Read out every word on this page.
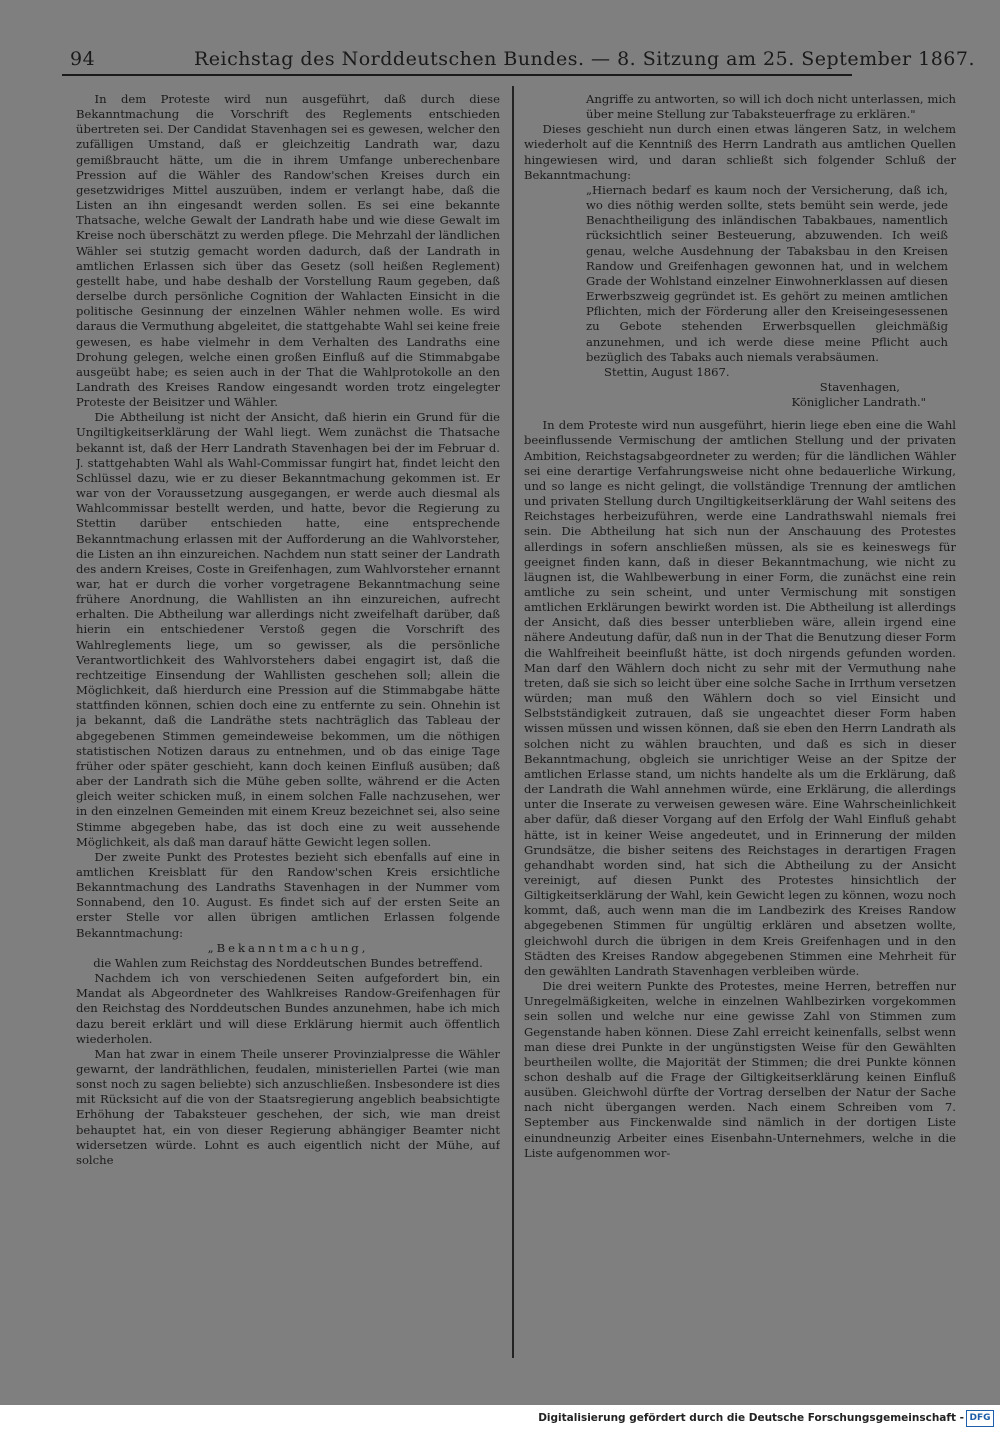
94	Reichstag des Norddeutschen Bundes. — 8. Sitzung am 25. September 1867.

In dem Proteste wird nun ausgeführt, daß durch diese Bekanntmachung die Vorschrift des Reglements entschieden übertreten sei. Der Candidat Stavenhagen sei es gewesen, welcher den zufälligen Umstand, daß er gleichzeitig Landrath war, dazu gemißbraucht hätte, um die in ihrem Umfange unberechenbare Pression auf die Wähler des Randow'schen Kreises durch ein gesetzwidriges Mittel auszuüben, indem er verlangt habe, daß die Listen an ihn eingesandt werden sollen. Es sei eine bekannte Thatsache, welche Gewalt der Landrath habe und wie diese Gewalt im Kreise noch überschätzt zu werden pflege. Die Mehrzahl der ländlichen Wähler sei stutzig gemacht worden dadurch, daß der Landrath in amtlichen Erlassen sich über das Gesetz (soll heißen Reglement) gestellt habe, und habe deshalb der Vorstellung Raum gegeben, daß derselbe durch persönliche Cognition der Wahlacten Einsicht in die politische Gesinnung der einzelnen Wähler nehmen wolle. Es wird daraus die Vermuthung abgeleitet, die stattgehabte Wahl sei keine freie gewesen, es habe vielmehr in dem Verhalten des Landraths eine Drohung gelegen, welche einen großen Einfluß auf die Stimmabgabe ausgeübt habe; es seien auch in der That die Wahlprotokolle an den Landrath des Kreises Randow eingesandt worden trotz eingelegter Proteste der Beisitzer und Wähler.

Die Abtheilung ist nicht der Ansicht, daß hierin ein Grund für die Ungiltigkeitserklärung der Wahl liegt. Wem zunächst die Thatsache bekannt ist, daß der Herr Landrath Stavenhagen bei der im Februar d. J. stattgehabten Wahl als Wahl-Commissar fungirt hat, findet leicht den Schlüssel dazu, wie er zu dieser Bekanntmachung gekommen ist. Er war von der Voraussetzung ausgegangen, er werde auch diesmal als Wahlcommissar bestellt werden, und hatte, bevor die Regierung zu Stettin darüber entschieden hatte, eine entsprechende Bekanntmachung erlassen mit der Aufforderung an die Wahlvorsteher, die Listen an ihn einzureichen. Nachdem nun statt seiner der Landrath des andern Kreises, Coste in Greifenhagen, zum Wahlvorsteher ernannt war, hat er durch die vorher vorgetragene Bekanntmachung seine frühere Anordnung, die Wahllisten an ihn einzureichen, aufrecht erhalten. Die Abtheilung war allerdings nicht zweifelhaft darüber, daß hierin ein entschiedener Verstoß gegen die Vorschrift des Wahlreglements liege, um so gewisser, als die persönliche Verantwortlichkeit des Wahlvorstehers dabei engagirt ist, daß die rechtzeitige Einsendung der Wahllisten geschehen soll; allein die Möglichkeit, daß hierdurch eine Pression auf die Stimmabgabe hätte stattfinden können, schien doch eine zu entfernte zu sein. Ohnehin ist ja bekannt, daß die Landräthe stets nachträglich das Tableau der abgegebenen Stimmen gemeindeweise bekommen, um die nöthigen statistischen Notizen daraus zu entnehmen, und ob das einige Tage früher oder später geschieht, kann doch keinen Einfluß ausüben; daß aber der Landrath sich die Mühe geben sollte, während er die Acten gleich weiter schicken muß, in einem solchen Falle nachzusehen, wer in den einzelnen Gemeinden mit einem Kreuz bezeichnet sei, also seine Stimme abgegeben habe, das ist doch eine zu weit aussehende Möglichkeit, als daß man darauf hätte Gewicht legen sollen.

Der zweite Punkt des Protestes bezieht sich ebenfalls auf eine in amtlichen Kreisblatt für den Randow'schen Kreis ersichtliche Bekanntmachung des Landraths Stavenhagen in der Nummer vom Sonnabend, den 10. August. Es findet sich auf der ersten Seite an erster Stelle vor allen übrigen amtlichen Erlassen folgende Bekanntmachung:

„Bekanntmachung,

die Wahlen zum Reichstag des Norddeutschen Bundes betreffend.

Nachdem ich von verschiedenen Seiten aufgefordert bin, ein Mandat als Abgeordneter des Wahlkreises Randow-Greifenhagen für den Reichstag des Norddeutschen Bundes anzunehmen, habe ich mich dazu bereit erklärt und will diese Erklärung hiermit auch öffentlich wiederholen.

Man hat zwar in einem Theile unserer Provinzialpresse die Wähler gewarnt, der landräthlichen, feudalen, ministeriellen Partei (wie man sonst noch zu sagen beliebte) sich anzuschließen. Insbesondere ist dies mit Rücksicht auf die von der Staatsregierung angeblich beabsichtigte Erhöhung der Tabaksteuer geschehen, der sich, wie man dreist behauptet hat, ein von dieser Regierung abhängiger Beamter nicht widersetzen würde. Lohnt es auch eigentlich nicht der Mühe, auf solche

Angriffe zu antworten, so will ich doch nicht unterlassen, mich über meine Stellung zur Tabaksteuerfrage zu erklären."

Dieses geschieht nun durch einen etwas längeren Satz, in welchem wiederholt auf die Kenntniß des Herrn Landrath aus amtlichen Quellen hingewiesen wird, und daran schließt sich folgender Schluß der Bekanntmachung:

„Hiernach bedarf es kaum noch der Versicherung, daß ich, wo dies nöthig werden sollte, stets bemüht sein werde, jede Benachtheiligung des inländischen Tabakbaues, namentlich rücksichtlich seiner Besteuerung, abzuwenden. Ich weiß genau, welche Ausdehnung der Tabaksbau in den Kreisen Randow und Greifenhagen gewonnen hat, und in welchem Grade der Wohlstand einzelner Einwohnerklassen auf diesen Erwerbszweig gegründet ist. Es gehört zu meinen amtlichen Pflichten, mich der Förderung aller den Kreiseingesessenen zu Gebote stehenden Erwerbsquellen gleichmäßig anzunehmen, und ich werde diese meine Pflicht auch bezüglich des Tabaks auch niemals verabsäumen.

Stettin, August 1867.

Stavenhagen,

Königlicher Landrath."

In dem Proteste wird nun ausgeführt, hierin liege eben eine die Wahl beeinflussende Vermischung der amtlichen Stellung und der privaten Ambition, Reichstagsabgeordneter zu werden; für die ländlichen Wähler sei eine derartige Verfahrungsweise nicht ohne bedauerliche Wirkung, und so lange es nicht gelingt, die vollständige Trennung der amtlichen und privaten Stellung durch Ungiltigkeitserklärung der Wahl seitens des Reichstages herbeizuführen, werde eine Landrathswahl niemals frei sein. Die Abtheilung hat sich nun der Anschauung des Protestes allerdings in sofern anschließen müssen, als sie es keineswegs für geeignet finden kann, daß in dieser Bekanntmachung, wie nicht zu läugnen ist, die Wahlbewerbung in einer Form, die zunächst eine rein amtliche zu sein scheint, und unter Vermischung mit sonstigen amtlichen Erklärungen bewirkt worden ist. Die Abtheilung ist allerdings der Ansicht, daß dies besser unterblieben wäre, allein irgend eine nähere Andeutung dafür, daß nun in der That die Benutzung dieser Form die Wahlfreiheit beeinflußt hätte, ist doch nirgends gefunden worden. Man darf den Wählern doch nicht zu sehr mit der Vermuthung nahe treten, daß sie sich so leicht über eine solche Sache in Irrthum versetzen würden; man muß den Wählern doch so viel Einsicht und Selbstständigkeit zutrauen, daß sie ungeachtet dieser Form haben wissen müssen und wissen können, daß sie eben den Herrn Landrath als solchen nicht zu wählen brauchten, und daß es sich in dieser Bekanntmachung, obgleich sie unrichtiger Weise an der Spitze der amtlichen Erlasse stand, um nichts handelte als um die Erklärung, daß der Landrath die Wahl annehmen würde, eine Erklärung, die allerdings unter die Inserate zu verweisen gewesen wäre. Eine Wahrscheinlichkeit aber dafür, daß dieser Vorgang auf den Erfolg der Wahl Einfluß gehabt hätte, ist in keiner Weise angedeutet, und in Erinnerung der milden Grundsätze, die bisher seitens des Reichstages in derartigen Fragen gehandhabt worden sind, hat sich die Abtheilung zu der Ansicht vereinigt, auf diesen Punkt des Protestes hinsichtlich der Giltigkeitserklärung der Wahl, kein Gewicht legen zu können, wozu noch kommt, daß, auch wenn man die im Landbezirk des Kreises Randow abgegebenen Stimmen für ungültig erklären und absetzen wollte, gleichwohl durch die übrigen in dem Kreis Greifenhagen und in den Städten des Kreises Randow abgegebenen Stimmen eine Mehrheit für den gewählten Landrath Stavenhagen verbleiben würde.

Die drei weitern Punkte des Protestes, meine Herren, betreffen nur Unregelmäßigkeiten, welche in einzelnen Wahlbezirken vorgekommen sein sollen und welche nur eine gewisse Zahl von Stimmen zum Gegenstande haben können. Diese Zahl erreicht keinenfalls, selbst wenn man diese drei Punkte in der ungünstigsten Weise für den Gewählten beurtheilen wollte, die Majorität der Stimmen; die drei Punkte können schon deshalb auf die Frage der Giltigkeitserklärung keinen Einfluß ausüben. Gleichwohl dürfte der Vortrag derselben der Natur der Sache nach nicht übergangen werden. Nach einem Schreiben vom 7. September aus Finckenwalde sind nämlich in der dortigen Liste einundneunzig Arbeiter eines Eisenbahn-Unternehmers, welche in die Liste aufgenommen wor-

Digitalisierung gefördert durch die Deutsche Forschungsgemeinschaft - DFG
